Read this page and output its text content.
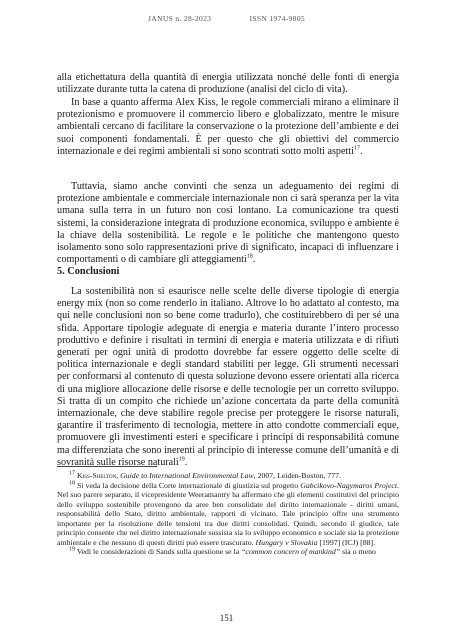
JANUS n. 28-2023	ISSN 1974-9805

alla etichettatura della quantità di energia utilizzata nonché delle fonti di energia utilizzate durante tutta la catena di produzione (analisi del ciclo di vita).

In base a quanto afferma Alex Kiss, le regole commerciali mirano a eliminare il protezionismo e promuovere il commercio libero e globalizzato, mentre le misure ambientali cercano di facilitare la conservazione o la protezione dell’ambiente e dei suoi componenti fondamentali. È per questo che gli obiettivi del commercio internazionale e dei regimi ambientali si sono scontrati sotto molti aspetti$^{17}$.

Tuttavia, siamo anche convinti che senza un adeguamento dei regimi di protezione ambientale e commerciale internazionale non ci sarà speranza per la vita umana sulla terra in un futuro non così lontano. La comunicazione tra questi sistemi, la considerazione integrata di produzione economica, sviluppo e ambiente è la chiave della sostenibilità. Le regole e le politiche che mantengono questo isolamento sono solo rappresentazioni prive di significato, incapaci di influenzare i comportamenti o di cambiare gli atteggiamenti$^{18}$.

5. Conclusioni

La sostenibilità non si esaurisce nelle scelte delle diverse tipologie di energia energy mix (non so come renderlo in italiano. Altrove lo ho adattato al contesto, ma qui nelle conclusioni non so bene come tradurlo), che costituirebbero di per sé una sfida. Apportare tipologie adeguate di energia e materia durante l’intero processo produttivo e definire i risultati in termini di energia e materia utilizzata e di rifiuti generati per ogni unità di prodotto dovrebbe far essere oggetto delle scelte di politica internazionale e degli standard stabiliti per legge. Gli strumenti necessari per conformarsi al contenuto di questa soluzione devono essere orientati alla ricerca di una migliore allocazione delle risorse e delle tecnologie per un corretto sviluppo. Si tratta di un compito che richiede un’azione concertata da parte della comunità internazionale, che deve stabilire regole precise per proteggere le risorse naturali, garantire il trasferimento di tecnologia, mettere in atto condotte commerciali eque, promuovere gli investimenti esteri e specificare i principi di responsabilità comune ma differenziata che sono inerenti al principio di interesse comune dell’umanità e di sovranità sulle risorse naturali$^{19}$.

$^{17}$ Kiss-Shelton, Guide to International Environmental Law, 2007, Leiden-Boston, 777.

$^{18}$ Si veda la decisione della Corte internazionale di giustizia sul progetto Gabcikovo-Nagymaros Project. Nel suo parere separato, il vicepresidente Weeramantry ha affermato che gli elementi costitutivi del principio dello sviluppo sostenibile provengono da aree ben consolidate del diritto internazionale - diritti umani, responsabilità dello Stato, diritto ambientale, rapporti di vicinato. Tale principio offre uno strumento importante per la risoluzione delle tensioni tra due diritti consolidati. Quindi, secondo il giudice, tale principio consente che nel diritto internazionale sussista sia lo sviluppo economico e sociale sia la protezione ambientale e che nessuno di questi diritti può essere trascurato. Hungary v Slovakia [1997] (ICJ) [88].

$^{19}$ Vedi le considerazioni di Sands sulla questione se la “common concern of mankind” sia o meno

151
